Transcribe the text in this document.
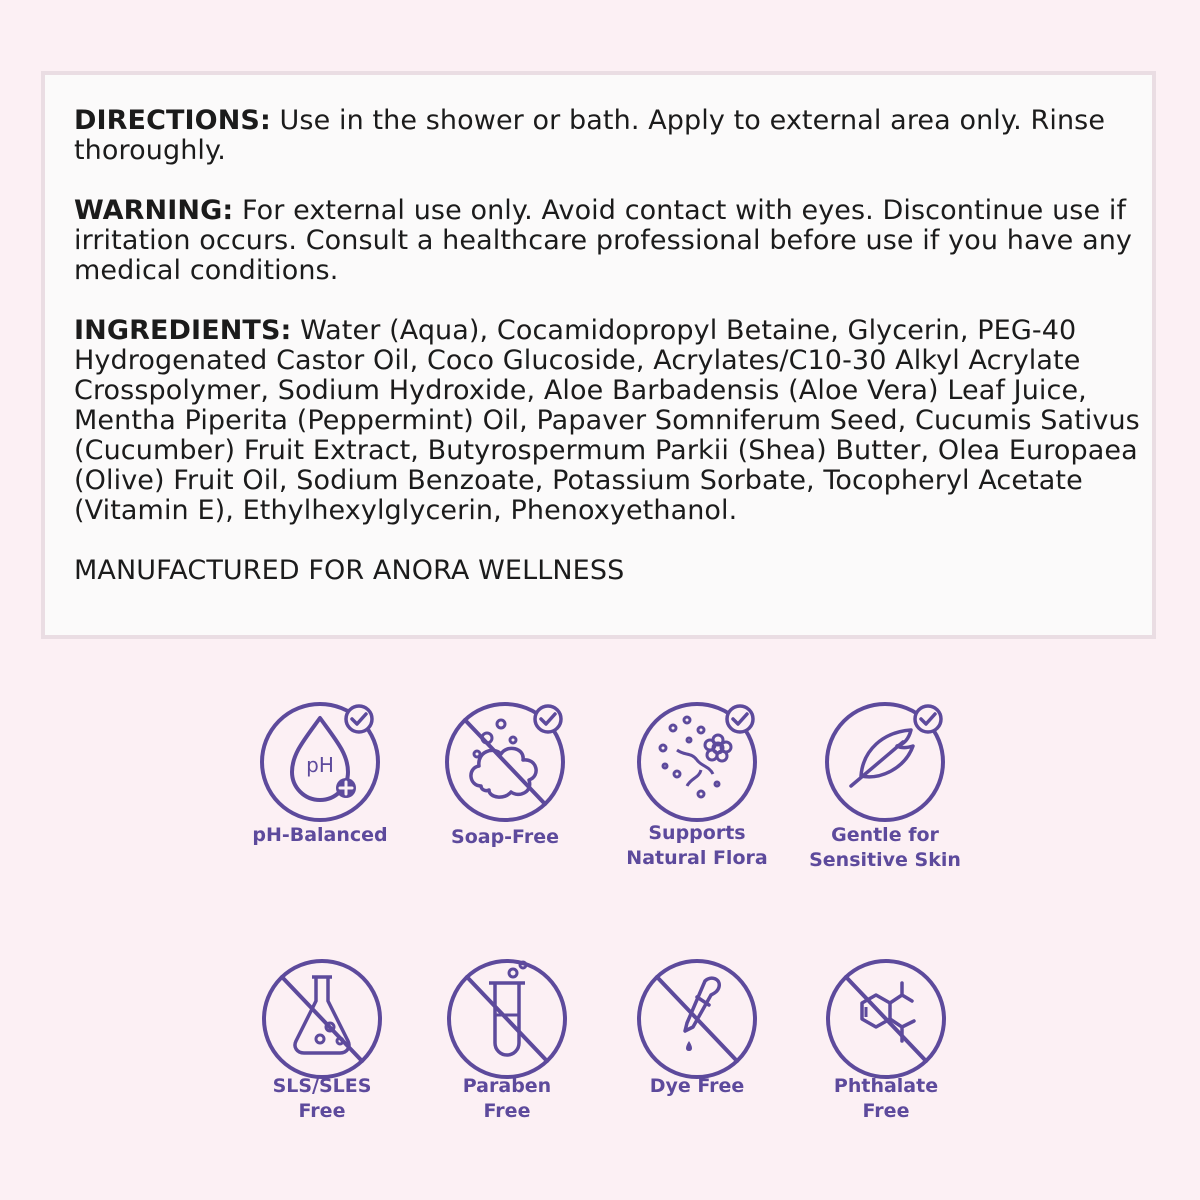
DIRECTIONS: Use in the shower or bath. Apply to external area only. Rinse thoroughly.

WARNING: For external use only. Avoid contact with eyes. Discontinue use if irritation occurs. Consult a healthcare professional before use if you have any medical conditions.

INGREDIENTS: Water (Aqua), Cocamidopropyl Betaine, Glycerin, PEG-40 Hydrogenated Castor Oil, Coco Glucoside, Acrylates/C10-30 Alkyl Acrylate Crosspolymer, Sodium Hydroxide, Aloe Barbadensis (Aloe Vera) Leaf Juice, Mentha Piperita (Peppermint) Oil, Papaver Somniferum Seed, Cucumis Sativus (Cucumber) Fruit Extract, Butyrospermum Parkii (Shea) Butter, Olea Europaea (Olive) Fruit Oil, Sodium Benzoate, Potassium Sorbate, Tocopheryl Acetate (Vitamin E), Ethylhexylglycerin, Phenoxyethanol.

MANUFACTURED FOR ANORA WELLNESS

pH
pH-Balanced	Soap-Free	Supports
Natural Flora
Gentle for
Sensitive Skin
SLS/SLES
Free
Paraben
Free
Dye Free	Phthalate
Free
